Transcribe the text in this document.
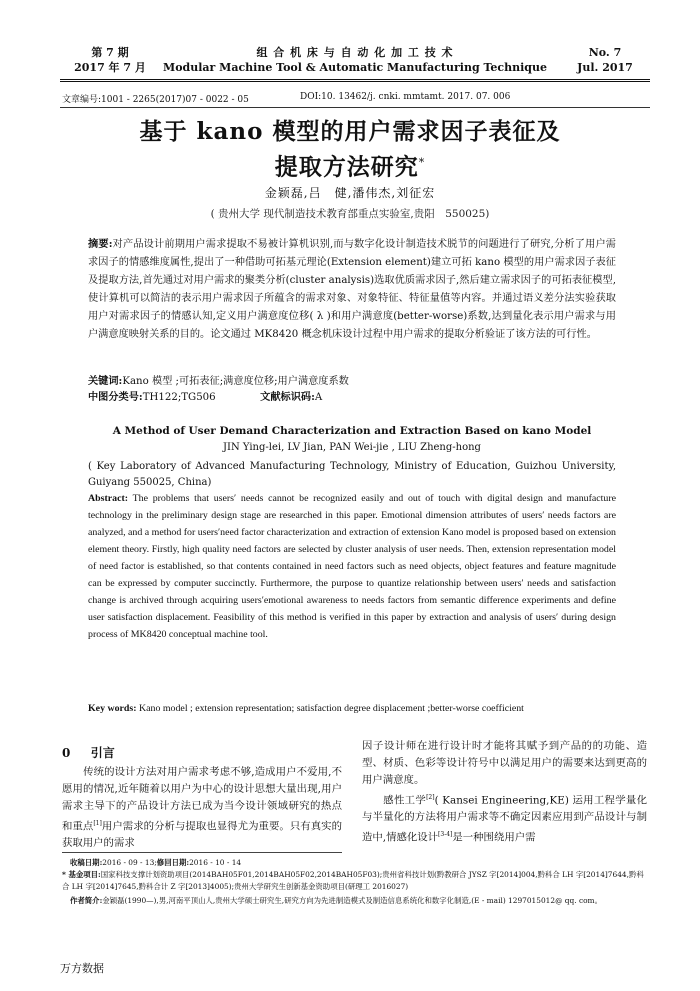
第 7 期
2017 年 7 月
组 合 机 床 与 自 动 化 加 工 技 术
Modular Machine Tool & Automatic Manufacturing Technique
No. 7
Jul. 2017
文章编号:1001 - 2265(2017)07 - 0022 - 05	DOI:10. 13462/j. cnki. mmtamt. 2017. 07. 006
基于 kano 模型的用户需求因子表征及
提取方法研究*
金颖磊,吕　健,潘伟杰,刘征宏
( 贵州大学 现代制造技术教育部重点实验室,贵阳　550025)
摘要:对产品设计前期用户需求提取不易被计算机识别,而与数字化设计制造技术脱节的问题进行了研究,分析了用户需求因子的情感维度属性,提出了一种借助可拓基元理论(Extension element)建立可拓 kano 模型的用户需求因子表征及提取方法,首先通过对用户需求的聚类分析(cluster analysis)选取优质需求因子,然后建立需求因子的可拓表征模型,使计算机可以简洁的表示用户需求因子所蕴含的需求对象、对象特征、特征量值等内容。并通过语义差分法实验获取用户对需求因子的情感认知,定义用户满意度位移( λ )和用户满意度(better-worse)系数,达到量化表示用户需求与用户满意度映射关系的目的。论文通过 MK8420 概念机床设计过程中用户需求的提取分析验证了该方法的可行性。
关键词:Kano 模型 ;可拓表征;满意度位移;用户满意度系数
中图分类号:TH122;TG506	文献标识码:A
A Method of User Demand Characterization and Extraction Based on kano Model
JIN Ying-lei, LV Jian, PAN Wei-jie , LIU Zheng-hong
( Key Laboratory of Advanced Manufacturing Technology, Ministry of Education, Guizhou University, Guiyang 550025, China)
Abstract: The problems that users′ needs cannot be recognized easily and out of touch with digital design and manufacture technology in the preliminary design stage are researched in this paper. Emotional dimension attributes of users′ needs factors are analyzed, and a method for users′need factor characterization and extraction of extension Kano model is proposed based on extension element theory. Firstly, high quality need factors are selected by cluster analysis of user needs. Then, extension representation model of need factor is established, so that contents contained in need factors such as need objects, object features and feature magnitude can be expressed by computer succinctly. Furthermore, the purpose to quantize relationship between users′ needs and satisfaction change is archived through acquiring users′emotional awareness to needs factors from semantic difference experiments and define user satisfaction displacement. Feasibility of this method is verified in this paper by extraction and analysis of users′ during design process of MK8420 conceptual machine tool.
Key words: Kano model ; extension representation; satisfaction degree displacement ;better-worse coefficient
0 引言
传统的设计方法对用户需求考虑不够,造成用户不爱用,不愿用的情况,近年随着以用户为中心的设计思想大量出现,用户需求主导下的产品设计方法已成为当今设计领域研究的热点和重点[1]用户需求的分析与提取也显得尤为重要。只有真实的获取用户的需求
因子设计师在进行设计时才能将其赋予到产品的的功能、造型、材质、色彩等设计符号中以满足用户的需要来达到更高的用户满意度。
感性工学[2]( Kansei Engineering,KE) 运用工程学量化与半量化的方法将用户需求等不确定因素应用到产品设计与制造中,情感化设计[3-4]是一种围绕用户需
收稿日期:2016 - 09 - 13;修回日期:2016 - 10 - 14
* 基金项目:国家科技支撑计划资助项目(2014BAH05F01,2014BAH05F02,2014BAH05F03);贵州省科技计划(黔教研合 JYSZ 字[2014]004,黔科合 LH 字[2014]7644,黔科合 LH 字[2014]7645,黔科合计 Z 字[2013]4005);贵州大学研究生创新基金资助项目(研理工 2016027)
作者简介:金颖磊(1990—),男,河南平顶山人,贵州大学硕士研究生,研究方向为先进制造模式及制造信息系统化和数字化制造,(E - mail) 1297015012@ qq. com。
万方数据
